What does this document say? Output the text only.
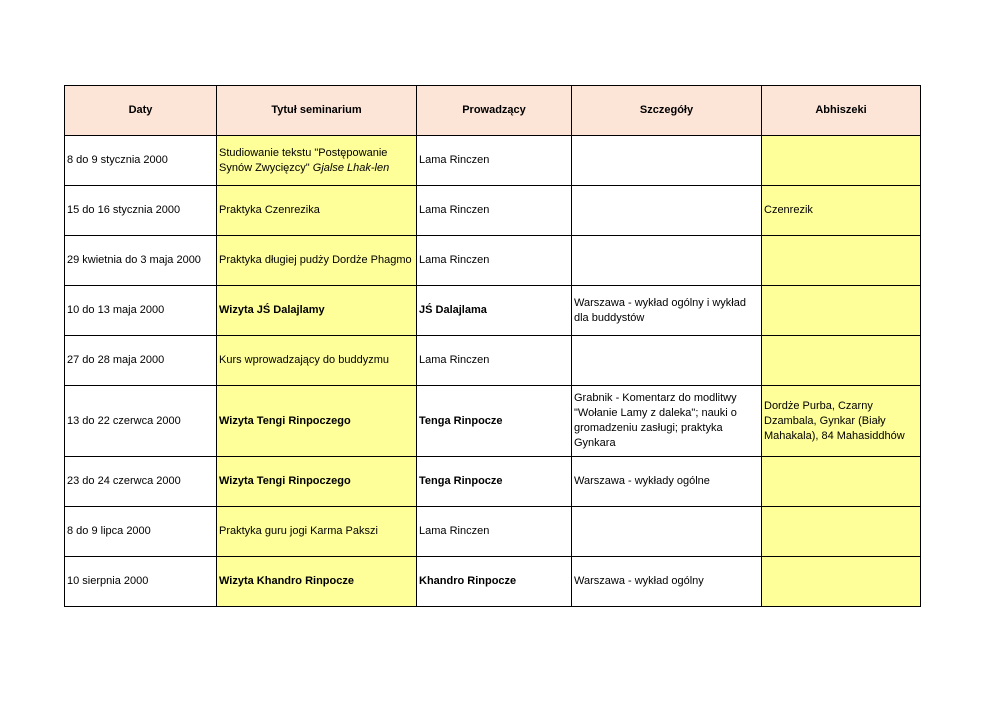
Daty	Tytuł seminarium	Prowadzący	Szczegóły	Abhiszeki
8 do 9 stycznia 2000	Studiowanie tekstu "Postępowanie Synów Zwycięzcy" Gjalse Lhak-len	Lama Rinczen		
15 do 16 stycznia 2000	Praktyka Czenrezika	Lama Rinczen		Czenrezik
29 kwietnia do 3 maja 2000	Praktyka długiej pudży Dordże Phagmo	Lama Rinczen		
10 do 13 maja 2000	Wizyta JŚ Dalajlamy	JŚ Dalajlama	Warszawa - wykład ogólny i wykład dla buddystów	
27 do 28 maja 2000	Kurs wprowadzający do buddyzmu	Lama Rinczen		
13 do 22 czerwca 2000	Wizyta Tengi Rinpoczego	Tenga Rinpocze	Grabnik - Komentarz do modlitwy "Wołanie Lamy z daleka"; nauki o gromadzeniu zasługi; praktyka Gynkara	Dordże Purba, Czarny Dzambala, Gynkar (Biały Mahakala), 84 Mahasiddhów
23 do 24 czerwca 2000	Wizyta Tengi Rinpoczego	Tenga Rinpocze	Warszawa - wykłady ogólne	
8 do 9 lipca 2000	Praktyka guru jogi Karma Pakszi	Lama Rinczen		
10 sierpnia 2000	Wizyta Khandro Rinpocze	Khandro Rinpocze	Warszawa - wykład ogólny	
